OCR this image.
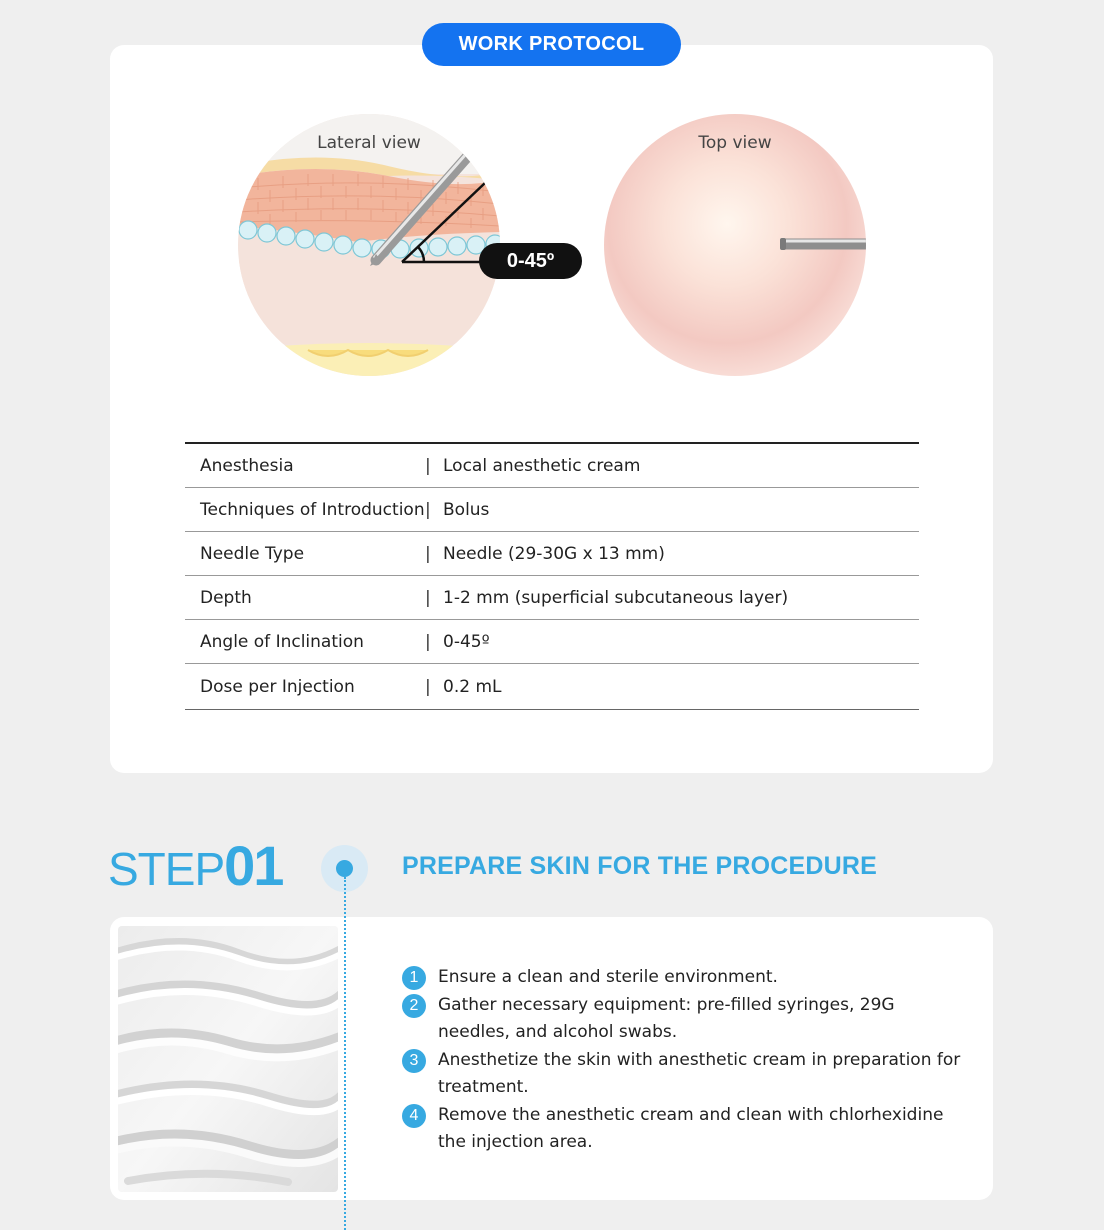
WORK PROTOCOL
Lateral view
0-45º
Top view
Anesthesia	| Local anesthetic cream
Techniques of Introduction | Bolus
Needle Type	| Needle (29-30G x 13 mm)
Depth	| 1-2 mm (superficial subcutaneous layer)
Angle of Inclination	| 0-45º
Dose per Injection	| 0.2 mL
STEP 01	PREPARE SKIN FOR THE PROCEDURE
1	Ensure a clean and sterile environment.
2	Gather necessary equipment: pre-filled syringes, 29G needles, and alcohol swabs.
3	Anesthetize the skin with anesthetic cream in preparation for treatment.
4	Remove the anesthetic cream and clean with chlorhexidine the injection area.
